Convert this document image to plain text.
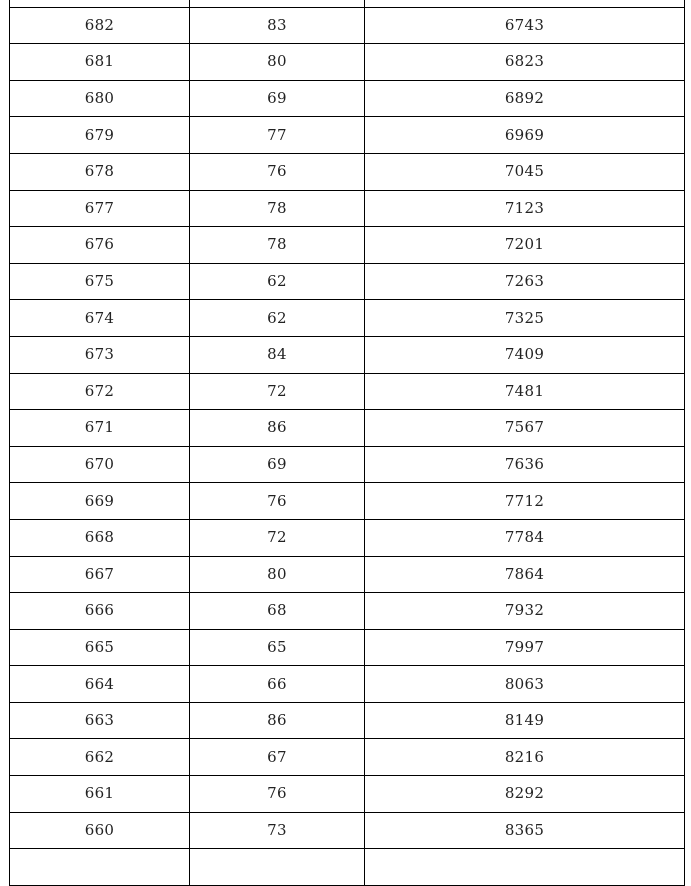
682	83	6743
681	80	6823
680	69	6892
679	77	6969
678	76	7045
677	78	7123
676	78	7201
675	62	7263
674	62	7325
673	84	7409
672	72	7481
671	86	7567
670	69	7636
669	76	7712
668	72	7784
667	80	7864
666	68	7932
665	65	7997
664	66	8063
663	86	8149
662	67	8216
661	76	8292
660	73	8365
